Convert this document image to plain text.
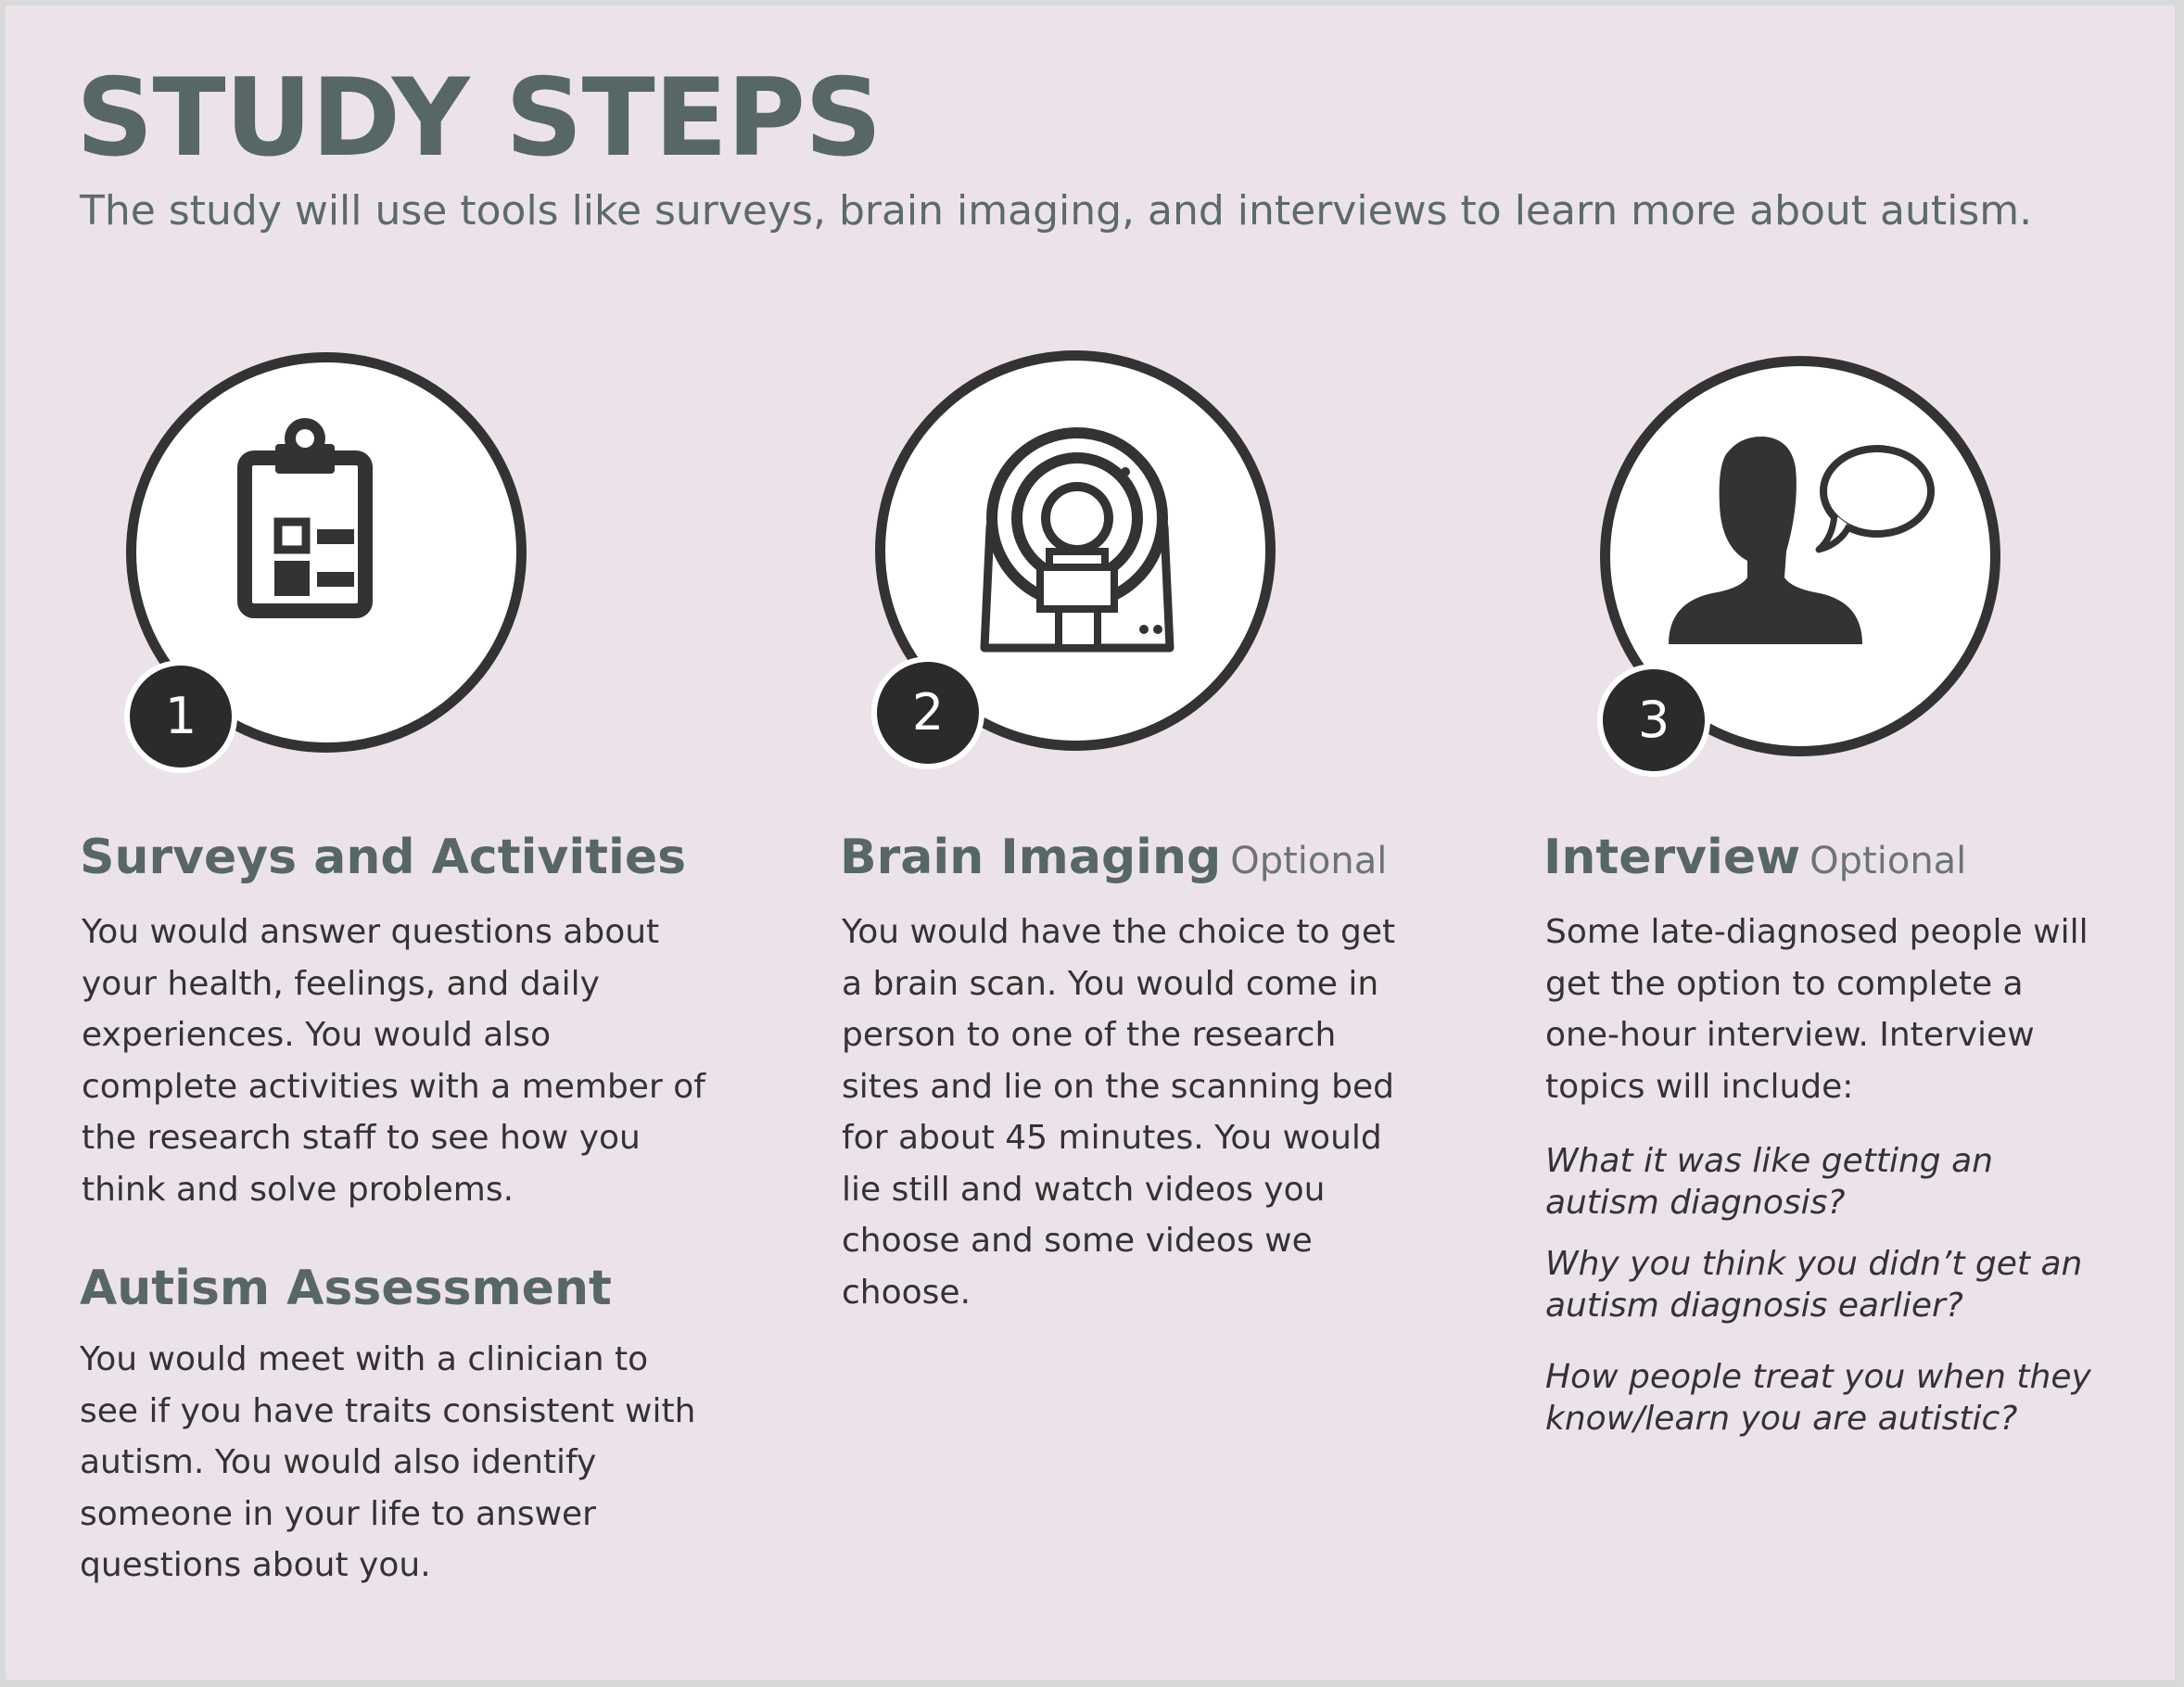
STUDY STEPS

The study will use tools like surveys, brain imaging, and interviews to learn more about autism.

1
Surveys and Activities

You would answer questions about your health, feelings, and daily experiences. You would also complete activities with a member of the research staff to see how you think and solve problems.

Autism Assessment

You would meet with a clinician to see if you have traits consistent with autism. You would also identify someone in your life to answer questions about you.

2
Brain Imaging Optional

You would have the choice to get a brain scan. You would come in person to one of the research sites and lie on the scanning bed for about 45 minutes. You would lie still and watch videos you choose and some videos we choose.

3
Interview Optional

Some late-diagnosed people will get the option to complete a one-hour interview. Interview topics will include:

What it was like getting an autism diagnosis?

Why you think you didn’t get an autism diagnosis earlier?

How people treat you when they know/learn you are autistic?
